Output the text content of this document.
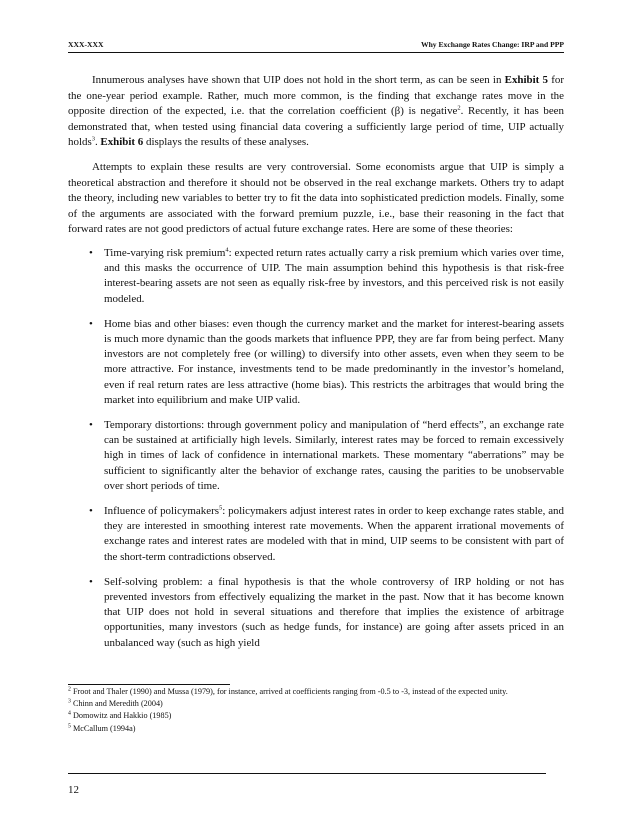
XXX-XXX	Why Exchange Rates Change: IRP and PPP

Innumerous analyses have shown that UIP does not hold in the short term, as can be seen in Exhibit 5 for the one-year period example. Rather, much more common, is the finding that exchange rates move in the opposite direction of the expected, i.e. that the correlation coefficient (β) is negative$^2$. Recently, it has been demonstrated that, when tested using financial data covering a sufficiently large period of time, UIP actually holds$^3$. Exhibit 6 displays the results of these analyses.

Attempts to explain these results are very controversial. Some economists argue that UIP is simply a theoretical abstraction and therefore it should not be observed in the real exchange markets. Others try to adapt the theory, including new variables to better try to fit the data into sophisticated prediction models. Finally, some of the arguments are associated with the forward premium puzzle, i.e., base their reasoning in the fact that forward rates are not good predictors of actual future exchange rates. Here are some of these theories:

• Time-varying risk premium$^4$: expected return rates actually carry a risk premium which varies over time, and this masks the occurrence of UIP. The main assumption behind this hypothesis is that risk-free interest-bearing assets are not seen as equally risk-free by investors, and this perceived risk is not easily modeled.
• Home bias and other biases: even though the currency market and the market for interest-bearing assets is much more dynamic than the goods markets that influence PPP, they are far from being perfect. Many investors are not completely free (or willing) to diversify into other assets, even when they seem to be more attractive. For instance, investments tend to be made predominantly in the investor’s homeland, even if real return rates are less attractive (home bias). This restricts the arbitrages that would bring the market into equilibrium and make UIP valid.
• Temporary distortions: through government policy and manipulation of “herd effects”, an exchange rate can be sustained at artificially high levels. Similarly, interest rates may be forced to remain excessively high in times of lack of confidence in international markets. These momentary “aberrations” may be sufficient to significantly alter the behavior of exchange rates, causing the parities to be unobservable over short periods of time.
• Influence of policymakers$^5$: policymakers adjust interest rates in order to keep exchange rates stable, and they are interested in smoothing interest rate movements. When the apparent irrational movements of exchange rates and interest rates are modeled with that in mind, UIP seems to be consistent with part of the short-term contradictions observed.
• Self-solving problem: a final hypothesis is that the whole controversy of IRP holding or not has prevented investors from effectively equalizing the market in the past. Now that it has become known that UIP does not hold in several situations and therefore that implies the existence of arbitrage opportunities, many investors (such as hedge funds, for instance) are going after assets priced in an unbalanced way (such as high yield

$^2$ Froot and Thaler (1990) and Mussa (1979), for instance, arrived at coefficients ranging from -0.5 to -3, instead of the expected unity.

$^3$ Chinn and Meredith (2004)

$^4$ Domowitz and Hakkio (1985)

$^5$ McCallum (1994a)

12
